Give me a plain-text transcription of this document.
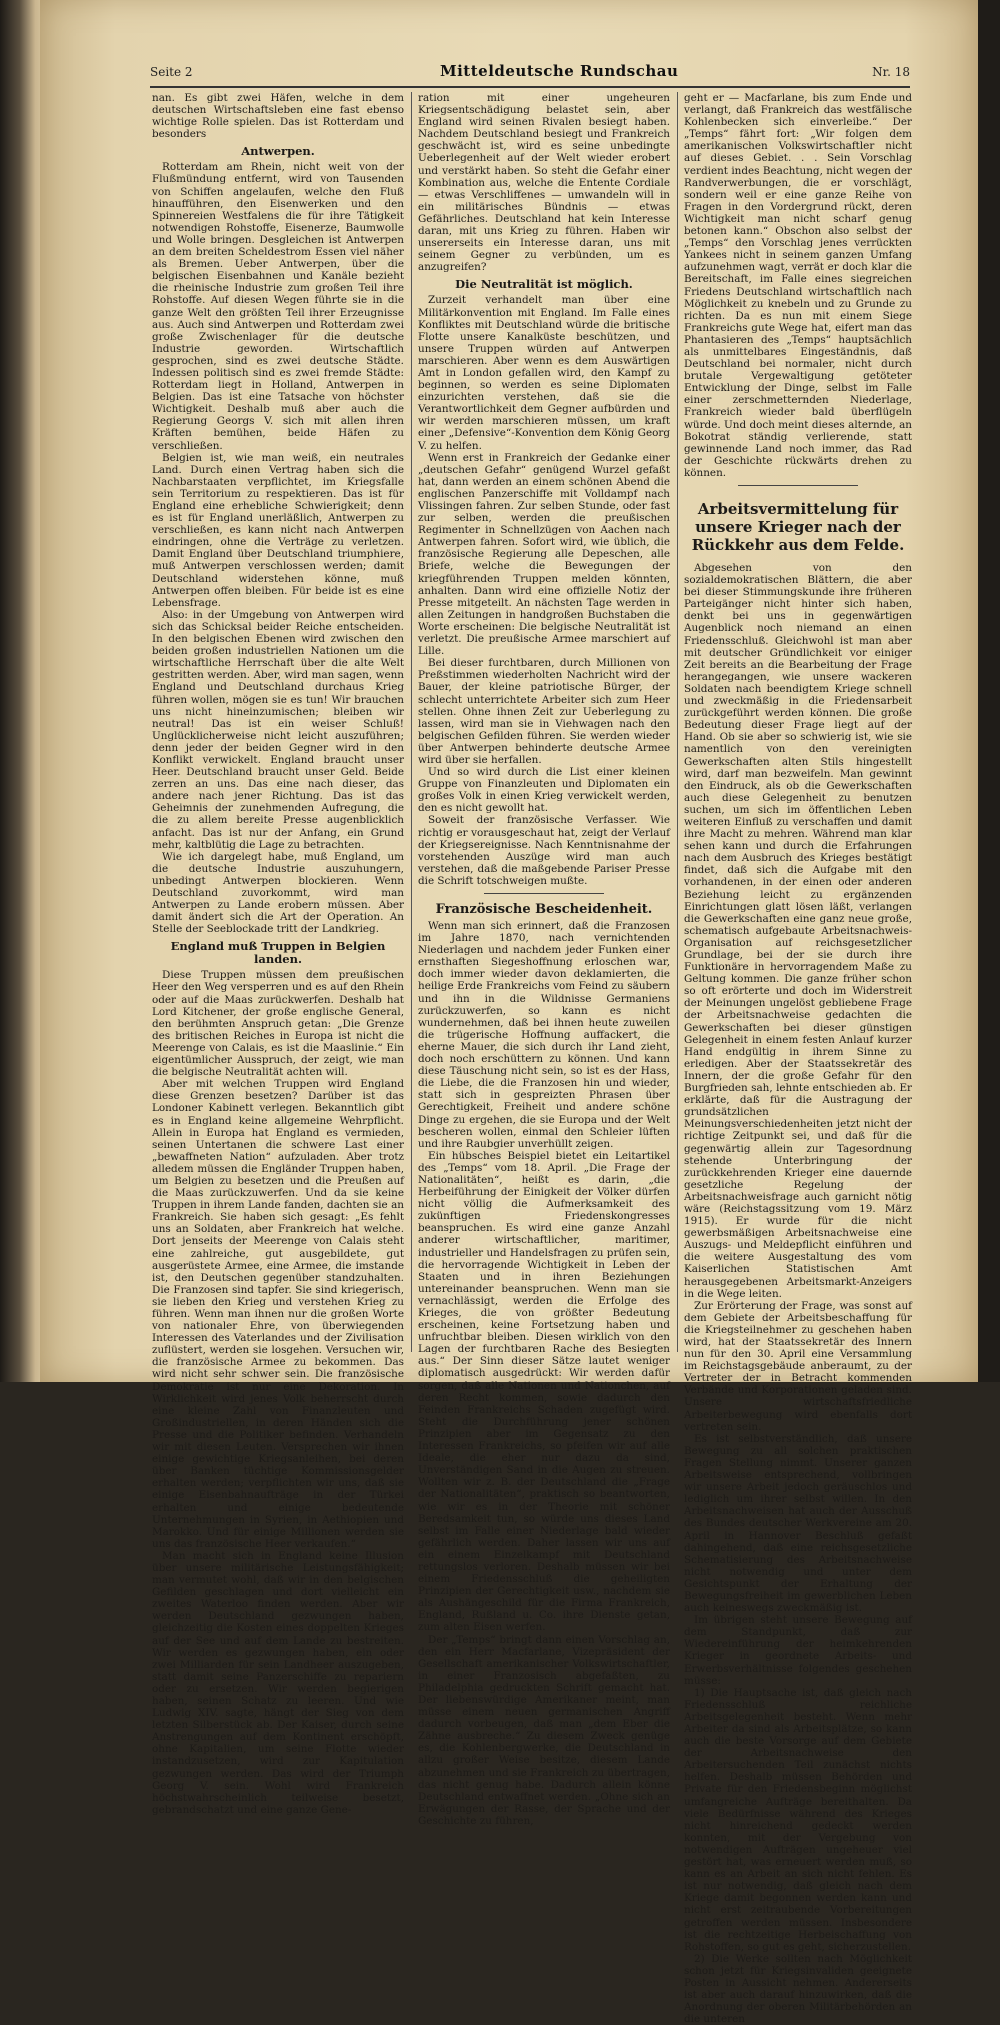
Seite 2	Mitteldeutsche Rundschau	Nr. 18

nan. Es gibt zwei Häfen, welche in dem deutschen Wirtschaftsleben eine fast ebenso wichtige Rolle spielen. Das ist Rotterdam und besonders

Antwerpen.

Rotterdam am Rhein, nicht weit von der Flußmündung entfernt, wird von Tausenden von Schiffen angelaufen, welche den Fluß hinaufführen, den Eisenwerken und den Spinnereien Westfalens die für ihre Tätigkeit notwendigen Rohstoffe, Eisenerze, Baumwolle und Wolle bringen. Desgleichen ist Antwerpen an dem breiten Scheldestrom Essen viel näher als Bremen. Ueber Antwerpen, über die belgischen Eisenbahnen und Kanäle bezieht die rheinische Industrie zum großen Teil ihre Rohstoffe. Auf diesen Wegen führte sie in die ganze Welt den größten Teil ihrer Erzeugnisse aus. Auch sind Antwerpen und Rotterdam zwei große Zwischenlager für die deutsche Industrie geworden. Wirtschaftlich gesprochen, sind es zwei deutsche Städte. Indessen politisch sind es zwei fremde Städte: Rotterdam liegt in Holland, Antwerpen in Belgien. Das ist eine Tatsache von höchster Wichtigkeit. Deshalb muß aber auch die Regierung Georgs V. sich mit allen ihren Kräften bemühen, beide Häfen zu verschließen.

Belgien ist, wie man weiß, ein neutrales Land. Durch einen Vertrag haben sich die Nachbarstaaten verpflichtet, im Kriegsfalle sein Territorium zu respektieren. Das ist für England eine erhebliche Schwierigkeit; denn es ist für England unerläßlich, Antwerpen zu verschließen, es kann nicht nach Antwerpen eindringen, ohne die Verträge zu verletzen. Damit England über Deutschland triumphiere, muß Antwerpen verschlossen werden; damit Deutschland widerstehen könne, muß Antwerpen offen bleiben. Für beide ist es eine Lebensfrage.

Also: in der Umgebung von Antwerpen wird sich das Schicksal beider Reiche entscheiden. In den belgischen Ebenen wird zwischen den beiden großen industriellen Nationen um die wirtschaftliche Herrschaft über die alte Welt gestritten werden. Aber, wird man sagen, wenn England und Deutschland durchaus Krieg führen wollen, mögen sie es tun! Wir brauchen uns nicht hineinzumischen; bleiben wir neutral! Das ist ein weiser Schluß! Unglücklicherweise nicht leicht auszuführen; denn jeder der beiden Gegner wird in den Konflikt verwickelt. England braucht unser Heer. Deutschland braucht unser Geld. Beide zerren an uns. Das eine nach dieser, das andere nach jener Richtung. Das ist das Geheimnis der zunehmenden Aufregung, die die zu allem bereite Presse augenblicklich anfacht. Das ist nur der Anfang, ein Grund mehr, kaltblütig die Lage zu betrachten.

Wie ich dargelegt habe, muß England, um die deutsche Industrie auszuhungern, unbedingt Antwerpen blockieren. Wenn Deutschland zuvorkommt, wird man Antwerpen zu Lande erobern müssen. Aber damit ändert sich die Art der Operation. An Stelle der Seeblockade tritt der Landkrieg.

England muß Truppen in Belgien landen.

Diese Truppen müssen dem preußischen Heer den Weg versperren und es auf den Rhein oder auf die Maas zurückwerfen. Deshalb hat Lord Kitchener, der große englische General, den berühmten Anspruch getan: „Die Grenze des britischen Reiches in Europa ist nicht die Meerenge von Calais, es ist die Maaslinie.“ Ein eigentümlicher Ausspruch, der zeigt, wie man die belgische Neutralität achten will.

Aber mit welchen Truppen wird England diese Grenzen besetzen? Darüber ist das Londoner Kabinett verlegen. Bekanntlich gibt es in England keine allgemeine Wehrpflicht. Allein in Europa hat England es vermieden, seinen Untertanen die schwere Last einer „bewaffneten Nation“ aufzuladen. Aber trotz alledem müssen die Engländer Truppen haben, um Belgien zu besetzen und die Preußen auf die Maas zurückzuwerfen. Und da sie keine Truppen in ihrem Lande fanden, dachten sie an Frankreich. Sie haben sich gesagt: „Es fehlt uns an Soldaten, aber Frankreich hat welche. Dort jenseits der Meerenge von Calais steht eine zahlreiche, gut ausgebildete, gut ausgerüstete Armee, eine Armee, die imstande ist, den Deutschen gegenüber standzuhalten. Die Franzosen sind tapfer. Sie sind kriegerisch, sie lieben den Krieg und verstehen Krieg zu führen. Wenn man ihnen nur die großen Worte von nationaler Ehre, von überwiegenden Interessen des Vaterlandes und der Zivilisation zuflüstert, werden sie losgehen. Versuchen wir, die französische Armee zu bekommen. Das wird nicht sehr schwer sein. Die französische Demokratie ist nur eine Dekoration. In Wirklichkeit wird jenes Volk beherrscht durch eine kleine Zahl von Finanzleuten und Großindustriellen, in deren Händen sich die Presse und die Politiker befinden. Verhandeln wir mit diesen Leuten. Versprechen wir ihnen einige gewichtige Kriegsanleihen, bei deren über Banken tüchtige Kommissionsgelder erhalten werden; verpflichten wir uns, daß sie einige Eisenbahnaufträge in der Türkei erhalten und einige bedeutende Unternehmungen in Syrien, in Aethiopien und Marokko. Und für einige Millionen werden sie uns das französische Heer verkaufen.“

Man macht sich in England keine Illusion über unsere militärische Leistungsfähigkeit; man vermutet wohl, daß wir in den belgischen Gefilden geschlagen und dort vielleicht ein zweites Waterloo finden werden. Aber wir werden Deutschland gezwungen haben, gleichzeitig die Kosten eines doppelten Krieges auf der See und auf dem Lande zu bestreiten. Wir werden es gezwungen haben, ein oder zwei Milliarden für sein Landheer auszugeben, statt damit seine Panzerschiffe zu repariern oder zu ersetzen. Wir werden begierigen haben, seinen Schatz zu leeren. Und wie Ludwig XIV. sagte, hängt der Sieg von dem letzten Silberstück ab. Der Kaiser, durch seine Anstrengungen auf dem Kontinent erschöpft, ohne Kapitalien, um seine Flotte wieder instandzusetzen, wird zur Kapitulation gezwungen werden. Das wird der Triumph Georg V. sein. Wohl wird Frankreich höchstwahrscheinlich teilweise besetzt, gebrandschatzt und eine ganze Gene-

ration mit einer ungeheuren Kriegsentschädigung belastet sein, aber England wird seinen Rivalen besiegt haben. Nachdem Deutschland besiegt und Frankreich geschwächt ist, wird es seine unbedingte Ueberlegenheit auf der Welt wieder erobert und verstärkt haben. So steht die Gefahr einer Kombination aus, welche die Entente Cordiale — etwas Verschliffenes — umwandeln will in ein militärisches Bündnis — etwas Gefährliches. Deutschland hat kein Interesse daran, mit uns Krieg zu führen. Haben wir unsererseits ein Interesse daran, uns mit seinem Gegner zu verbünden, um es anzugreifen?

Die Neutralität ist möglich.

Zurzeit verhandelt man über eine Militärkonvention mit England. Im Falle eines Konfliktes mit Deutschland würde die britische Flotte unsere Kanalküste beschützen, und unsere Truppen würden auf Antwerpen marschieren. Aber wenn es dem Auswärtigen Amt in London gefallen wird, den Kampf zu beginnen, so werden es seine Diplomaten einzurichten verstehen, daß sie die Verantwortlichkeit dem Gegner aufbürden und wir werden marschieren müssen, um kraft einer „Defensive“-Konvention dem König Georg V. zu helfen.

Wenn erst in Frankreich der Gedanke einer „deutschen Gefahr“ genügend Wurzel gefaßt hat, dann werden an einem schönen Abend die englischen Panzerschiffe mit Volldampf nach Vlissingen fahren. Zur selben Stunde, oder fast zur selben, werden die preußischen Regimenter in Schnellzügen von Aachen nach Antwerpen fahren. Sofort wird, wie üblich, die französische Regierung alle Depeschen, alle Briefe, welche die Bewegungen der kriegführenden Truppen melden könnten, anhalten. Dann wird eine offizielle Notiz der Presse mitgeteilt. An nächsten Tage werden in allen Zeitungen in handgroßen Buchstaben die Worte erscheinen: Die belgische Neutralität ist verletzt. Die preußische Armee marschiert auf Lille.

Bei dieser furchtbaren, durch Millionen von Preßstimmen wiederholten Nachricht wird der Bauer, der kleine patriotische Bürger, der schlecht unterrichtete Arbeiter sich zum Heer stellen. Ohne ihnen Zeit zur Ueberlegung zu lassen, wird man sie in Viehwagen nach den belgischen Gefilden führen. Sie werden wieder über Antwerpen behinderte deutsche Armee wird über sie herfallen.

Und so wird durch die List einer kleinen Gruppe von Finanzleuten und Diplomaten ein großes Volk in einen Krieg verwickelt werden, den es nicht gewollt hat.

Soweit der französische Verfasser. Wie richtig er vorausgeschaut hat, zeigt der Verlauf der Kriegsereignisse. Nach Kenntnisnahme der vorstehenden Auszüge wird man auch verstehen, daß die maßgebende Pariser Presse die Schrift totschweigen mußte.

Französische Bescheidenheit.

Wenn man sich erinnert, daß die Franzosen im Jahre 1870, nach vernichtenden Niederlagen und nachdem jeder Funken einer ernsthaften Siegeshoffnung erloschen war, doch immer wieder davon deklamierten, die heilige Erde Frankreichs vom Feind zu säubern und ihn in die Wildnisse Germaniens zurückzuwerfen, so kann es nicht wundernehmen, daß bei ihnen heute zuweilen die trügerische Hoffnung auffackert, die eherne Mauer, die sich durch ihr Land zieht, doch noch erschüttern zu können. Und kann diese Täuschung nicht sein, so ist es der Hass, die Liebe, die die Franzosen hin und wieder, statt sich in gespreizten Phrasen über Gerechtigkeit, Freiheit und andere schöne Dinge zu ergehen, die sie Europa und der Welt bescheren wollen, einmal den Schleier lüften und ihre Raubgier unverhüllt zeigen.

Ein hübsches Beispiel bietet ein Leitartikel des „Temps“ vom 18. April. „Die Frage der Nationalitäten“, heißt es darin, „die Herbeiführung der Einigkeit der Völker dürfen nicht völlig die Aufmerksamkeit des zukünftigen Friedenskongresses beanspruchen. Es wird eine ganze Anzahl anderer wirtschaftlicher, maritimer, industrieller und Handelsfragen zu prüfen sein, die hervorragende Wichtigkeit in Leben der Staaten und in ihren Beziehungen untereinander beanspruchen. Wenn man sie vernachlässigt, werden die Erfolge des Krieges, die von größter Bedeutung erscheinen, keine Fortsetzung haben und unfruchtbar bleiben. Diesen wirklich von den Lagen der furchtbaren Rache des Besiegten aus.“ Der Sinn dieser Sätze lautet weniger diplomatisch ausgedrückt: Wir werden dafür sorgen, daß alle Nationen und Nationchen, auf deren Recht kommen, sowie dadurch den Feinden Frankreichs Schaden zugefügt wird. Steht die Durchführung jener schönen Prinzipien aber im Gegensatz zu den Interessen Frankreichs, so pfeifen wir auf alle Ideale, die eher nur dazu da sind, Unverständigen Sand in die Augen zu streuen. Wollten wir z. B. der Deutschland die „Frage der Nationalitäten“, praktisch so beantworten, wie wir es in der Theorie mit schöner Beredsamkeit tun, so würde uns dieses Land selbst im Falle einer Niederlage bald wieder gefährlich werden. Daher lassen wir uns auf ein einem Einzelkampf mit Deutschland rettungslos verloren. Deshalb müssen wir bei einem Friedensschluß die geheiligten Prinzipien der Gerechtigkeit usw., nachdem sie als Aushängeschild für die Firma Frankreich, England, Rußland u. Co. ihre Dienste getan, zum alten Eisen werfen.

Der „Temps“ bringt dann einen Vorschlag an, den ein Herr Macfarlane, Vizepräsident der Gesellschaft amerikanischer Volkswirtschaftler, in einer Franzosisch abgefaßten, zu Philadelphia gedruckten Schrift gemacht hat. Der liebenswürdige Amerikaner meint, man müsse einem neuen germanischen Angriff dadurch vorbeugen, daß man „dem Eber die Zähne ausbreche.“ Zu diesem Zweck genüge es, die Kohlenbergwerke, die Deutschland in allzu großer Weise besitze, diesem Lande abzunehmen und sie Frankreich zu übertragen, das nicht genug habe. Dadurch allein könne Deutschland entwaffnet werden. „Ohne sich an Erwägungen der Rasse, der Sprache und der Geschichte zu führen,

geht er — Macfarlane, bis zum Ende und verlangt, daß Frankreich das westfälische Kohlenbecken sich einverleibe.“ Der „Temps“ fährt fort: „Wir folgen dem amerikanischen Volkswirtschaftler nicht auf dieses Gebiet. . . Sein Vorschlag verdient indes Beachtung, nicht wegen der Randverwerbungen, die er vorschlägt, sondern weil er eine ganze Reihe von Fragen in den Vordergrund rückt, deren Wichtigkeit man nicht scharf genug betonen kann.“ Obschon also selbst der „Temps“ den Vorschlag jenes verrückten Yankees nicht in seinem ganzen Umfang aufzunehmen wagt, verrät er doch klar die Bereitschaft, im Falle eines siegreichen Friedens Deutschland wirtschaftlich nach Möglichkeit zu knebeln und zu Grunde zu richten. Da es nun mit einem Siege Frankreichs gute Wege hat, eifert man das Phantasieren des „Temps“ hauptsächlich als unmittelbares Eingeständnis, daß Deutschland bei normaler, nicht durch brutale Vergewaltigung getöteter Entwicklung der Dinge, selbst im Falle einer zerschmetternden Niederlage, Frankreich wieder bald überflügeln würde. Und doch meint dieses alternde, an Bokotrat ständig verlierende, statt gewinnende Land noch immer, das Rad der Geschichte rückwärts drehen zu können.

Arbeitsvermittelung für unsere Krieger nach der Rückkehr aus dem Felde.

Abgesehen von den sozialdemokratischen Blättern, die aber bei dieser Stimmungskunde ihre früheren Parteigänger nicht hinter sich haben, denkt bei uns in gegenwärtigen Augenblick noch niemand an einen Friedensschluß. Gleichwohl ist man aber mit deutscher Gründlichkeit vor einiger Zeit bereits an die Bearbeitung der Frage herangegangen, wie unsere wackeren Soldaten nach beendigtem Kriege schnell und zweckmäßig in die Friedensarbeit zurückgeführt werden können. Die große Bedeutung dieser Frage liegt auf der Hand. Ob sie aber so schwierig ist, wie sie namentlich von den vereinigten Gewerkschaften alten Stils hingestellt wird, darf man bezweifeln. Man gewinnt den Eindruck, als ob die Gewerkschaften auch diese Gelegenheit zu benutzen suchen, um sich im öffentlichen Leben weiteren Einfluß zu verschaffen und damit ihre Macht zu mehren. Während man klar sehen kann und durch die Erfahrungen nach dem Ausbruch des Krieges bestätigt findet, daß sich die Aufgabe mit den vorhandenen, in der einen oder anderen Beziehung leicht zu ergänzenden Einrichtungen glatt lösen läßt, verlangen die Gewerkschaften eine ganz neue große, schematisch aufgebaute Arbeitsnachweis-Organisation auf reichsgesetzlicher Grundlage, bei der sie durch ihre Funktionäre in hervorragendem Maße zu Geltung kommen. Die ganze früher schon so oft erörterte und doch im Widerstreit der Meinungen ungelöst gebliebene Frage der Arbeitsnachweise gedachten die Gewerkschaften bei dieser günstigen Gelegenheit in einem festen Anlauf kurzer Hand endgültig in ihrem Sinne zu erledigen. Aber der Staatssekretär des Innern, der die große Gefahr für den Burgfrieden sah, lehnte entschieden ab. Er erklärte, daß für die Austragung der grundsätzlichen Meinungsverschiedenheiten jetzt nicht der richtige Zeitpunkt sei, und daß für die gegenwärtig allein zur Tagesordnung stehende Unterbringung der zurückkehrenden Krieger eine dauernde gesetzliche Regelung der Arbeitsnachweisfrage auch garnicht nötig wäre (Reichstagssitzung vom 19. März 1915). Er wurde für die nicht gewerbsmäßigen Arbeitsnachweise eine Auszugs- und Meldepflicht einführen und die weitere Ausgestaltung des vom Kaiserlichen Statistischen Amt herausgegebenen Arbeitsmarkt-Anzeigers in die Wege leiten.

Zur Erörterung der Frage, was sonst auf dem Gebiete der Arbeitsbeschaffung für die Kriegsteilnehmer zu geschehen haben wird, hat der Staatssekretär des Innern nun für den 30. April eine Versammlung im Reichstagsgebäude anberaumt, zu der Vertreter der in Betracht kommenden Verbände und Korporationen geladen sind. Unsere wirtschaftsfriedliche Arbeiterbewegung wird ebenfalls dort vertreten sein.

Es ist selbstverständlich, daß unsere Bewegung zu all solchen praktischen Fragen Stellung nimmt. Unserer ganzen Arbeitsweise entsprechend, vollbringen wir unsere Arbeit jedoch geräuschlos und lediglich um ihrer selbst willen. In den Arbeitsnachweisen hat auch der Ausschuß des Bundes deutscher Werkvereine am 20. April in Hannover Beschluß gefaßt dahingehend, daß eine reichsgesetzliche Schematisierung des Arbeitsnachweise nicht notwendig und unter dem Gesichtspunkt der Erhaltung der Bewegungsfreiheit im gewerblichen Leben auch keineswegs zweckmäßig ist.

Im übrigen steht unsere Bewegung auf dem Standpunkt, daß zur Wiedereinführung der heimkehrenden Krieger in geordnete Arbeits- und Erwerbsverhältnisse folgendes geschehen müsse:

1) Die Hauptsache ist, daß gleich nach Friedensschluß reichliche Arbeitsgelegenheit besteht. Wenn mehr Arbeiter da sind als Arbeitsplätze, so kann auch die beste Vorsorge auf dem Gebiete der Arbeitsnachweise den Arbeitersuchenden Teil zunächst nichts helfen. Deshalb müssen Behörden und Private für den Friedensbeginn möglichst umfangreiche Aufträge bereithalten. Da viele Bedürfnisse während des Krieges nicht hinreichend gedeckt werden konnten, mit der Vergebung von notwendigen Aufträgen ungeheuer viel gestört hat, was erneuert werden muß, so kann es an Arbeit an sich nicht fehlen. Es ist nur notwendig, daß gleich nach dem Kriege damit begonnen werden kann und nicht erst zeitraubende Vorbereitungen getroffen werden müssen. Insbesondere ist die rechtzeitige Herbeischaffung von Rohstoffen, so gut es geht, sicherzustellen.

2) Die Werke sollten nach Möglichkeit schon jetzt für Kriegsinvaliden geeignete Posten in Aussicht nehmen. Andererseits ist aber auch darauf hinzuwirken, daß die Anordnung der oberen Militärbehörden an die unteren
